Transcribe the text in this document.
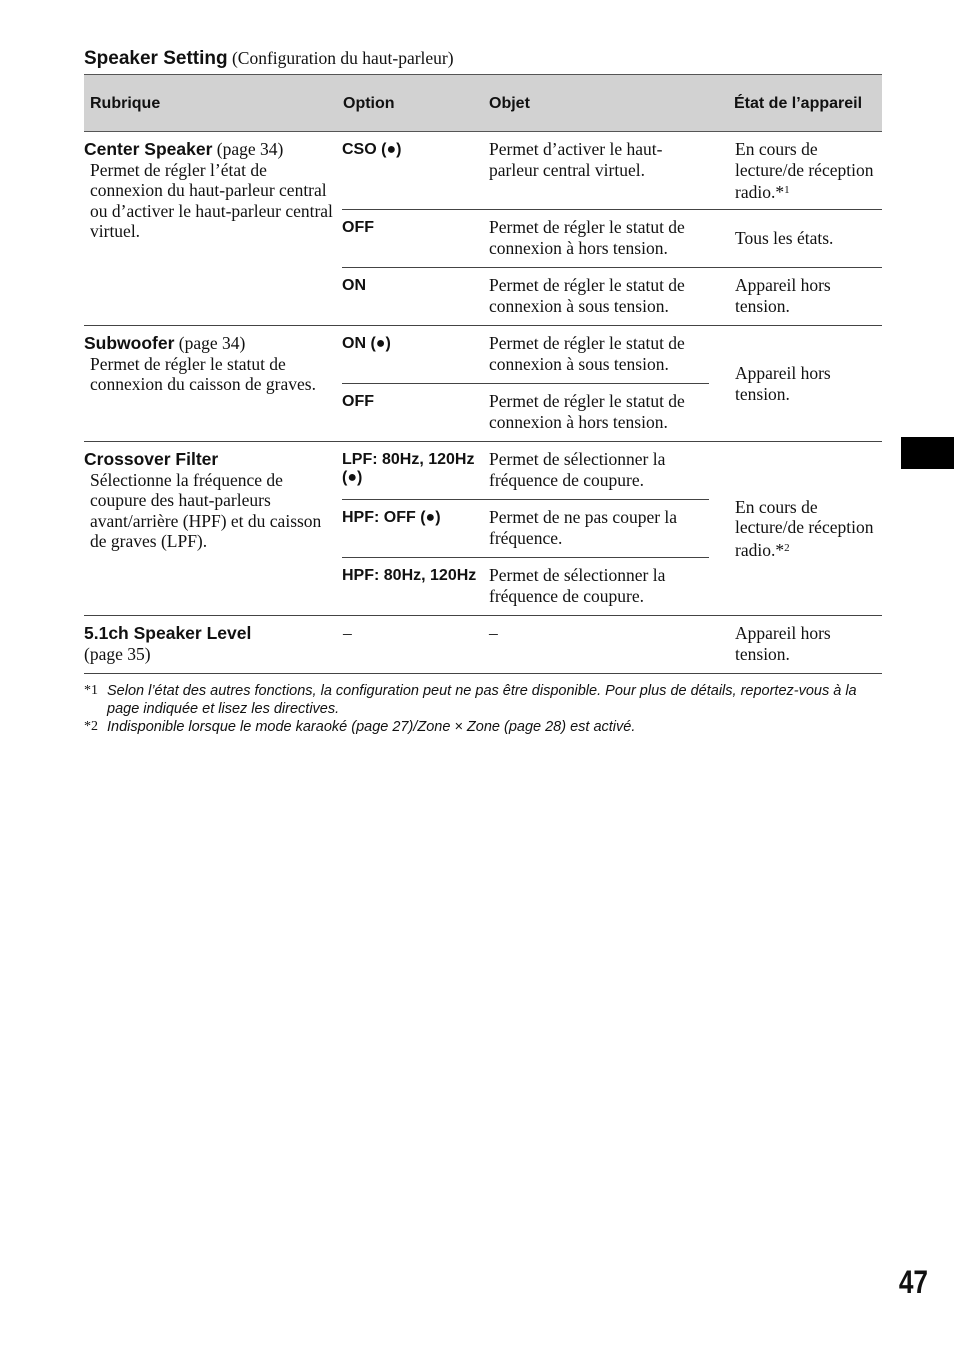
Speaker Setting (Configuration du haut-parleur)
Rubrique	Option	Objet	État de l’appareil
Center Speaker (page 34)
Permet de régler l’état de connexion du haut-parleur central ou d’activer le haut-parleur central virtuel.	CSO (●)	Permet d’activer le haut-parleur central virtuel.	En cours de lecture/de réception radio.*$^1$
	OFF	Permet de régler le statut de connexion à hors tension.	Tous les états.
	ON	Permet de régler le statut de connexion à sous tension.	Appareil hors tension.
Subwoofer (page 34)
Permet de régler le statut de connexion du caisson de graves.	ON (●)	Permet de régler le statut de connexion à sous tension.	Appareil hors tension.
	OFF	Permet de régler le statut de connexion à hors tension.	
Crossover Filter
Sélectionne la fréquence de coupure des haut-parleurs avant/arrière (HPF) et du caisson de graves (LPF).	LPF: 80Hz, 120Hz (●)	Permet de sélectionner la fréquence de coupure.	En cours de lecture/de réception radio.*$^2$
	HPF: OFF (●)	Permet de ne pas couper la fréquence.	
	HPF: 80Hz, 120Hz	Permet de sélectionner la fréquence de coupure.	

5.1ch Speaker Level
(page 35)	–	–	Appareil hors tension.
*1 Selon l’état des autres fonctions, la configuration peut ne pas être disponible. Pour plus de détails, reportez-vous à la page indiquée et lisez les directives.
*2 Indisponible lorsque le mode karaoké (page 27)/Zone × Zone (page 28) est activé.
47
